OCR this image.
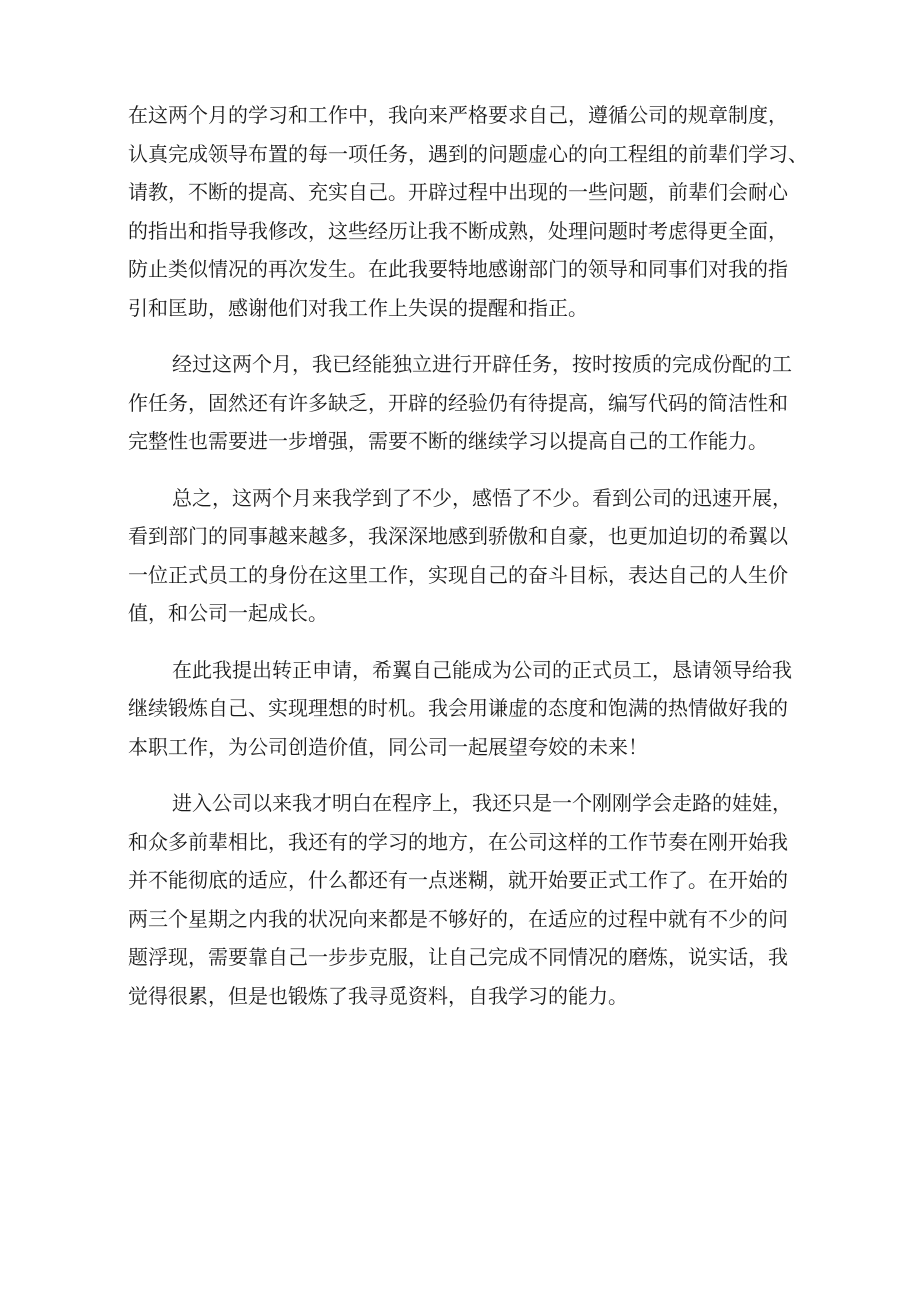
在这两个月的学习和工作中，我向来严格要求自己，遵循公司的规章制度，
认真完成领导布置的每一项任务，遇到的问题虚心的向工程组的前辈们学习、
请教，不断的提高、充实自己。开辟过程中出现的一些问题，前辈们会耐心
的指出和指导我修改，这些经历让我不断成熟，处理问题时考虑得更全面，
防止类似情况的再次发生。在此我要特地感谢部门的领导和同事们对我的指
引和匡助，感谢他们对我工作上失误的提醒和指正。

经过这两个月，我已经能独立进行开辟任务，按时按质的完成份配的工
作任务，固然还有许多缺乏，开辟的经验仍有待提高，编写代码的简洁性和
完整性也需要进一步增强，需要不断的继续学习以提高自己的工作能力。

总之，这两个月来我学到了不少，感悟了不少。看到公司的迅速开展，
看到部门的同事越来越多，我深深地感到骄傲和自豪，也更加迫切的希翼以
一位正式员工的身份在这里工作，实现自己的奋斗目标，表达自己的人生价
值，和公司一起成长。

在此我提出转正申请，希翼自己能成为公司的正式员工，恳请领导给我
继续锻炼自己、实现理想的时机。我会用谦虚的态度和饱满的热情做好我的
本职工作，为公司创造价值，同公司一起展望夸姣的未来！

进入公司以来我才明白在程序上，我还只是一个刚刚学会走路的娃娃，
和众多前辈相比，我还有的学习的地方，在公司这样的工作节奏在刚开始我
并不能彻底的适应，什么都还有一点迷糊，就开始要正式工作了。在开始的
两三个星期之内我的状况向来都是不够好的，在适应的过程中就有不少的问
题浮现，需要靠自己一步步克服，让自己完成不同情况的磨炼，说实话，我
觉得很累，但是也锻炼了我寻觅资料，自我学习的能力。
